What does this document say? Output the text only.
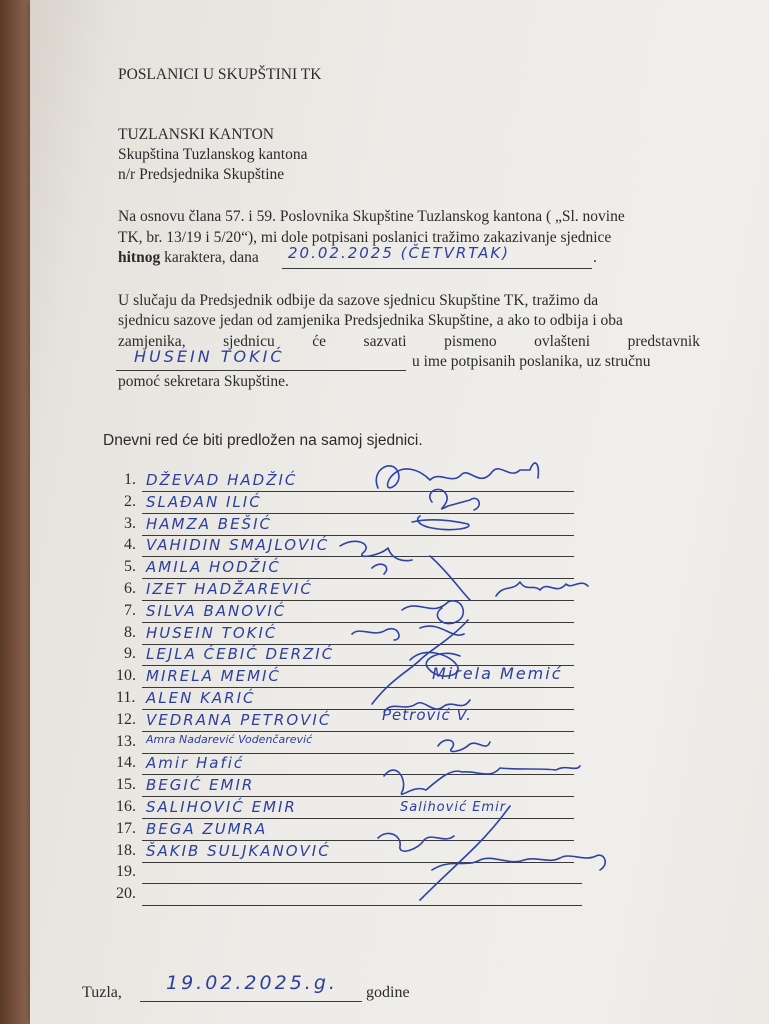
POSLANICI U SKUPŠTINI TK
TUZLANSKI KANTON
Skupština Tuzlanskog kantona
n/r Predsjednika Skupštine
Na osnovu člana 57. i 59. Poslovnika Skupštine Tuzlanskog kantona ( „Sl. novine
TK, br. 13/19 i 5/20“), mi dole potpisani poslanici tražimo zakazivanje sjednice
hitnog karaktera, dana 20.02.2025 (ČETVRTAK)	.
U slučaju da Predsjednik odbije da sazove sjednicu Skupštine TK, tražimo da
sjednicu sazove jedan od zamjenika Predsjednika Skupštine, a ako to odbija i oba
zamjenika, sjednicu će sazvati pismeno ovlašteni predstavnik
HUSEIN TOKIĆ	u ime potpisanih poslanika, uz stručnu
pomoć sekretara Skupštine.
Dnevni red će biti predložen na samoj sjednici.
1. DŽEVAD HADŽIĆ
2. SLAĐAN ILIĆ
3. HAMZA BEŠIĆ
4. VAHIDIN SMAJLOVIĆ
5. AMILA HODŽIĆ
6. IZET HADŽAREVIĆ
7. SILVA BANOVIĆ
8. HUSEIN TOKIĆ
9. LEJLA ĆEBIĆ DERZIĆ
10. MIRELA MEMIĆ
11. ALEN KARIĆ
12. VEDRANA PETROVIĆ
13. Amra Nadarević Vodenčarević
14. Amir Hafić
15. BEGIĆ EMIR
16. SALIHOVIĆ EMIR
17. BEGA ZUMRA
18. ŠAKIB SULJKANOVIĆ
19.
20.
Mirela Memić
Petrović V.
Salihović Emir
Tuzla, 19.02.2025.g. godine
